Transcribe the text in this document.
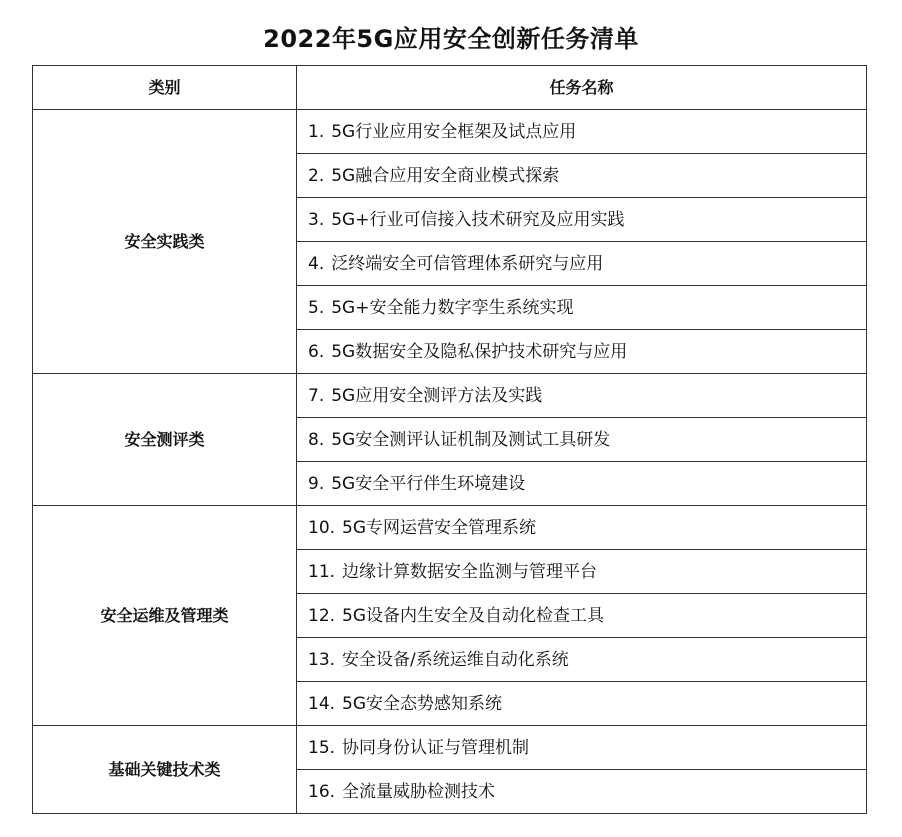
2022年5G应用安全创新任务清单
类别	任务名称
安全实践类	1. 5G行业应用安全框架及试点应用
	2. 5G融合应用安全商业模式探索
	3. 5G+行业可信接入技术研究及应用实践
	4. 泛终端安全可信管理体系研究与应用
	5. 5G+安全能力数字孪生系统实现
	6. 5G数据安全及隐私保护技术研究与应用
安全测评类	7. 5G应用安全测评方法及实践
	8. 5G安全测评认证机制及测试工具研发
	9. 5G安全平行伴生环境建设
安全运维及管理类	10. 5G专网运营安全管理系统
	11. 边缘计算数据安全监测与管理平台
	12. 5G设备内生安全及自动化检查工具
	13. 安全设备/系统运维自动化系统
	14. 5G安全态势感知系统
基础关键技术类	15. 协同身份认证与管理机制
	16. 全流量威胁检测技术
